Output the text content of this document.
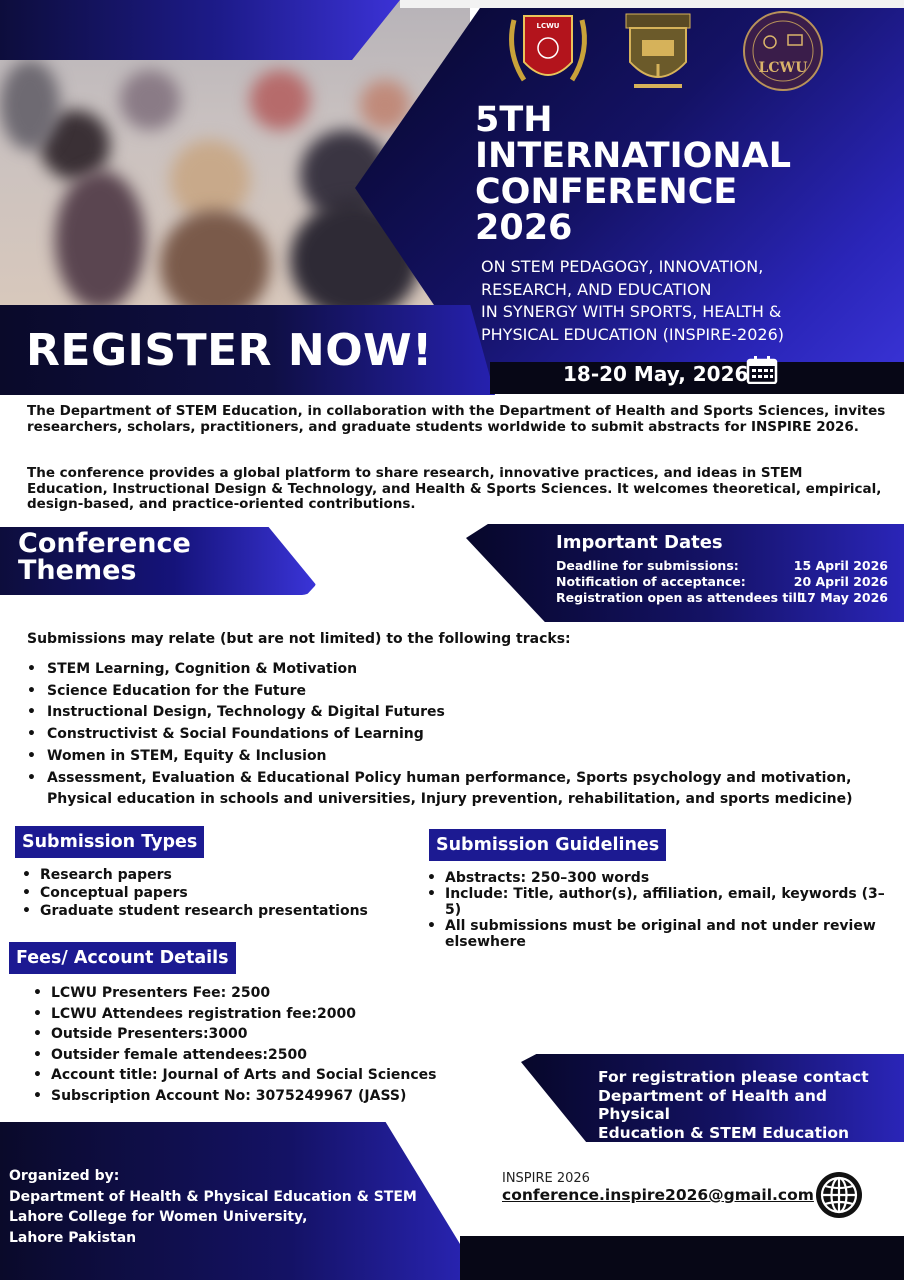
LCWU
LCWU
5TH
INTERNATIONAL
CONFERENCE
2026
ON STEM PEDAGOGY, INNOVATION,
RESEARCH, AND EDUCATION
IN SYNERGY WITH SPORTS, HEALTH &
PHYSICAL EDUCATION (INSPIRE-2026)
REGISTER NOW!	18-20 May, 2026

The Department of STEM Education, in collaboration with the Department of Health and Sports Sciences, invites researchers, scholars, practitioners, and graduate students worldwide to submit abstracts for INSPIRE 2026.

The conference provides a global platform to share research, innovative practices, and ideas in STEM Education, Instructional Design & Technology, and Health & Sports Sciences. It welcomes theoretical, empirical, design-based, and practice-oriented contributions.

Conference
Themes
Important Dates
Deadline for submissions:	15 April 2026
Notification of acceptance:	20 April 2026
Registration open as attendees till
17 May 2026
Submissions may relate (but are not limited) to the following tracks:
• STEM Learning, Cognition & Motivation
• Science Education for the Future
• Instructional Design, Technology & Digital Futures
• Constructivist & Social Foundations of Learning
• Women in STEM, Equity & Inclusion
• Assessment, Evaluation & Educational Policy human performance, Sports psychology and motivation, Physical education in schools and universities, Injury prevention, rehabilitation, and sports medicine)
Submission Types
• Research papers
• Conceptual papers
• Graduate student research presentations
Submission Guidelines
• Abstracts: 250–300 words
• Include: Title, author(s), affiliation, email, keywords (3–5)
• All submissions must be original and not under review elsewhere
Fees/ Account Details
• LCWU Presenters Fee: 2500
• LCWU Attendees registration fee:2000
• Outside Presenters:3000
• Outsider female attendees:2500
• Account title: Journal of Arts and Social Sciences
• Subscription Account No: 3075249967 (JASS)
For registration please contact
Department of Health and Physical
Education & STEM Education
Organized by:
Department of Health & Physical Education & STEM
Lahore College for Women University,
Lahore Pakistan
INSPIRE 2026
conference.inspire2026@gmail.com
